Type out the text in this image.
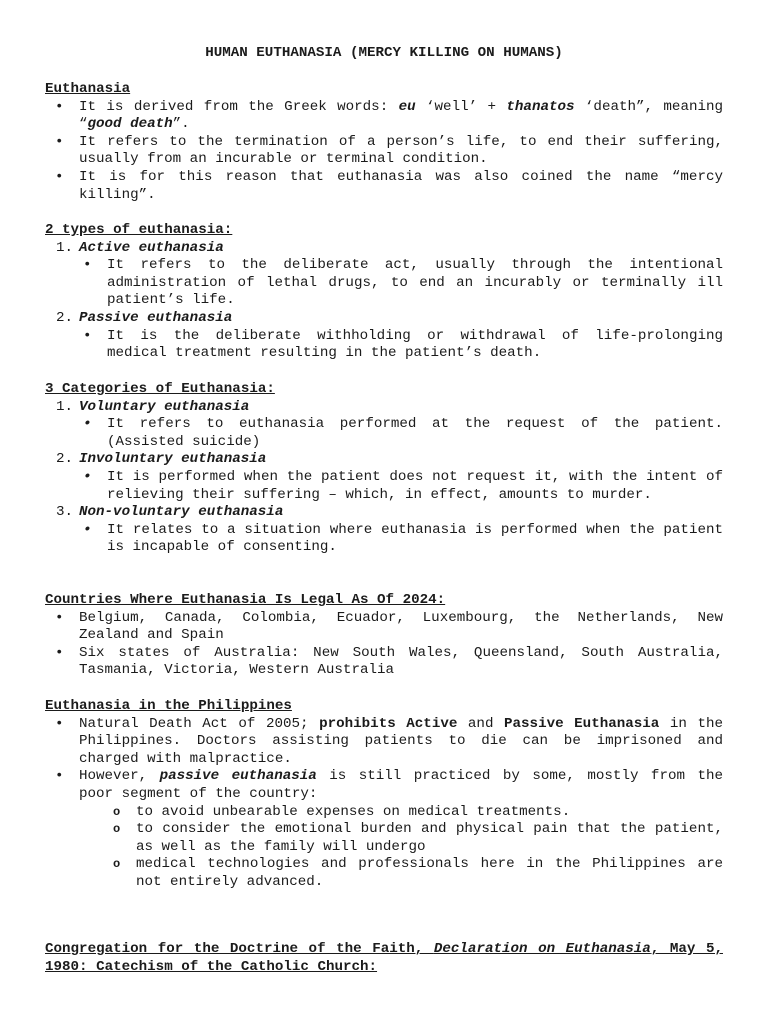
HUMAN EUTHANASIA (MERCY KILLING ON HUMANS)
Euthanasia
• It is derived from the Greek words: eu ‘well’ + thanatos ‘death”, meaning “good death”.
• It refers to the termination of a person’s life, to end their suffering, usually from an incurable or terminal condition.
• It is for this reason that euthanasia was also coined the name “mercy killing”.
2 types of euthanasia:
1. Active euthanasia
• It refers to the deliberate act, usually through the intentional administration of lethal drugs, to end an incurably or terminally ill patient’s life.
2. Passive euthanasia
• It is the deliberate withholding or withdrawal of life-prolonging medical treatment resulting in the patient’s death.
3 Categories of Euthanasia:
1. Voluntary euthanasia
• It refers to euthanasia performed at the request of the patient. (Assisted suicide)
2. Involuntary euthanasia
• It is performed when the patient does not request it, with the intent of relieving their suffering – which, in effect, amounts to murder.
3. Non-voluntary euthanasia
• It relates to a situation where euthanasia is performed when the patient is incapable of consenting.
Countries Where Euthanasia Is Legal As Of 2024:
• Belgium, Canada, Colombia, Ecuador, Luxembourg, the Netherlands, New Zealand and Spain
• Six states of Australia: New South Wales, Queensland, South Australia, Tasmania, Victoria, Western Australia
Euthanasia in the Philippines
• Natural Death Act of 2005; prohibits Active and Passive Euthanasia in the Philippines. Doctors assisting patients to die can be imprisoned and charged with malpractice.
• However, passive euthanasia is still practiced by some, mostly from the poor segment of the country:
o to avoid unbearable expenses on medical treatments.
o to consider the emotional burden and physical pain that the patient, as well as the family will undergo
o medical technologies and professionals here in the Philippines are not entirely advanced.
Congregation for the Doctrine of the Faith, Declaration on Euthanasia, May 5, 1980: Catechism of the Catholic Church:
